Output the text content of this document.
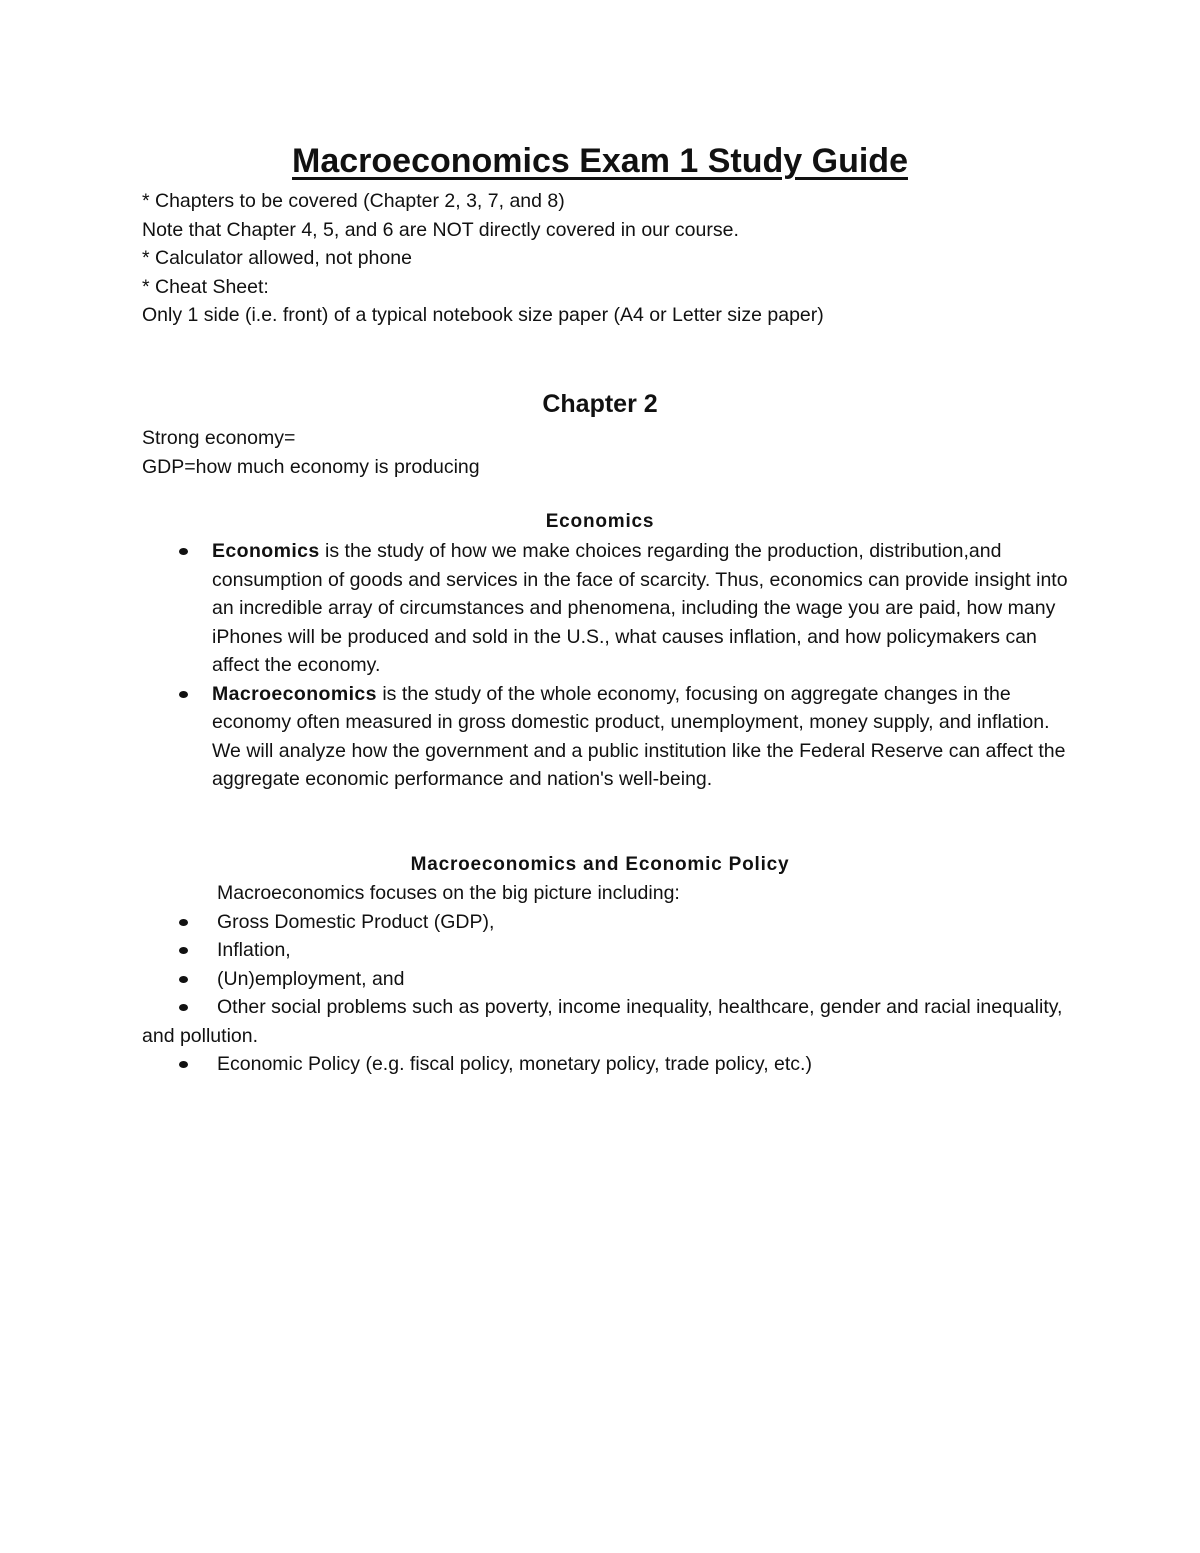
Macroeconomics Exam 1 Study Guide
* Chapters to be covered (Chapter 2, 3, 7, and 8)
Note that Chapter 4, 5, and 6 are NOT directly covered in our course.
* Calculator allowed, not phone
* Cheat Sheet:
Only 1 side (i.e. front) of a typical notebook size paper (A4 or Letter size paper)
Chapter 2
Strong economy=
GDP=how much economy is producing
Economics
Economics is the study of how we make choices regarding the production, distribution,and consumption of goods and services in the face of scarcity. Thus, economics can provide insight into an incredible array of circumstances and phenomena, including the wage you are paid, how many iPhones will be produced and sold in the U.S., what causes inflation, and how policymakers can affect the economy.
Macroeconomics is the study of the whole economy, focusing on aggregate changes in the economy often measured in gross domestic product, unemployment, money supply, and inflation. We will analyze how the government and a public institution like the Federal Reserve can affect the aggregate economic performance and nation's well-being.
Macroeconomics and Economic Policy
Macroeconomics focuses on the big picture including:
Gross Domestic Product (GDP),
Inflation,
(Un)employment, and
Other social problems such as poverty, income inequality, healthcare, gender and racial inequality, and pollution.
Economic Policy (e.g. fiscal policy, monetary policy, trade policy, etc.)
